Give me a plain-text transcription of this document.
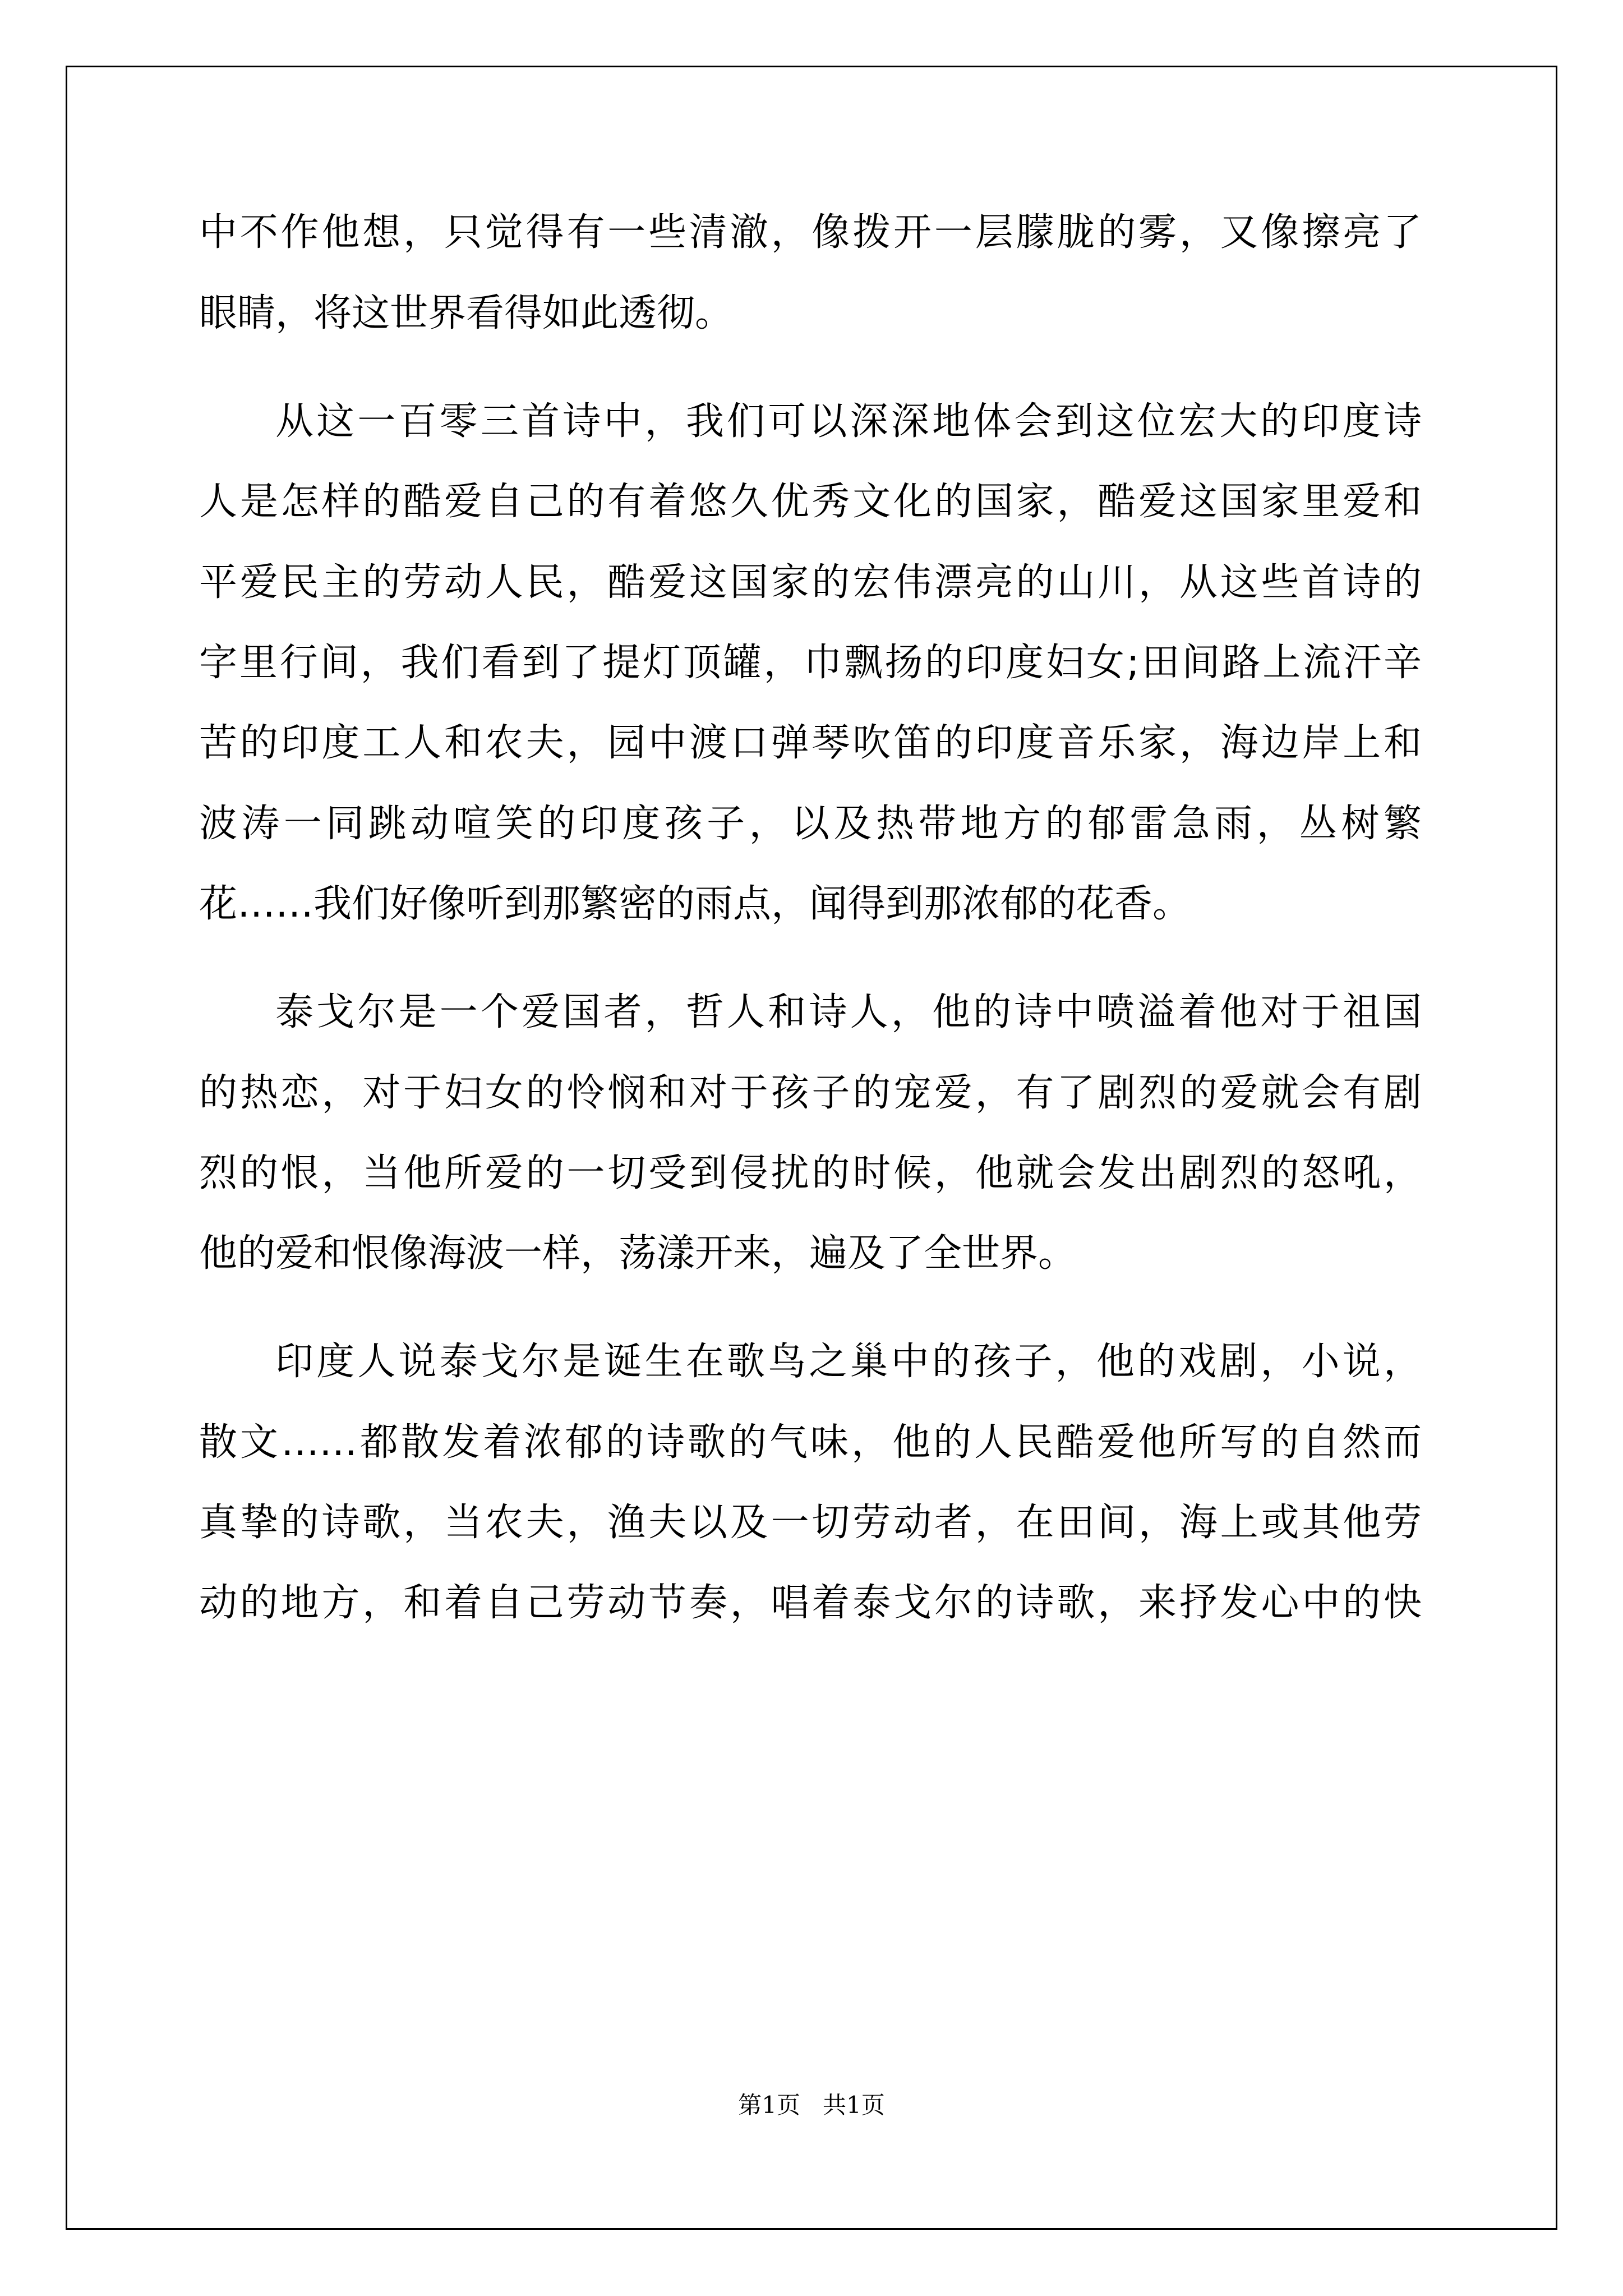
中不作他想，只觉得有一些清澈，像拨开一层朦胧的雾，又像擦亮了
眼睛，将这世界看得如此透彻。
从这一百零三首诗中，我们可以深深地体会到这位宏大的印度诗
人是怎样的酷爱自己的有着悠久优秀文化的国家，酷爱这国家里爱和
平爱民主的劳动人民，酷爱这国家的宏伟漂亮的山川，从这些首诗的
字里行间，我们看到了提灯顶罐，巾飘扬的印度妇女;田间路上流汗辛
苦的印度工人和农夫，园中渡口弹琴吹笛的印度音乐家，海边岸上和
波涛一同跳动喧笑的印度孩子，以及热带地方的郁雷急雨，丛树繁
花……我们好像听到那繁密的雨点，闻得到那浓郁的花香。
泰戈尔是一个爱国者，哲人和诗人，他的诗中喷溢着他对于祖国
的热恋，对于妇女的怜悯和对于孩子的宠爱，有了剧烈的爱就会有剧
烈的恨，当他所爱的一切受到侵扰的时候，他就会发出剧烈的怒吼，
他的爱和恨像海波一样，荡漾开来，遍及了全世界。
印度人说泰戈尔是诞生在歌鸟之巢中的孩子，他的戏剧，小说，
散文……都散发着浓郁的诗歌的气味，他的人民酷爱他所写的自然而
真挚的诗歌，当农夫，渔夫以及一切劳动者，在田间，海上或其他劳
动的地方，和着自己劳动节奏，唱着泰戈尔的诗歌，来抒发心中的快
第1页   共1页
